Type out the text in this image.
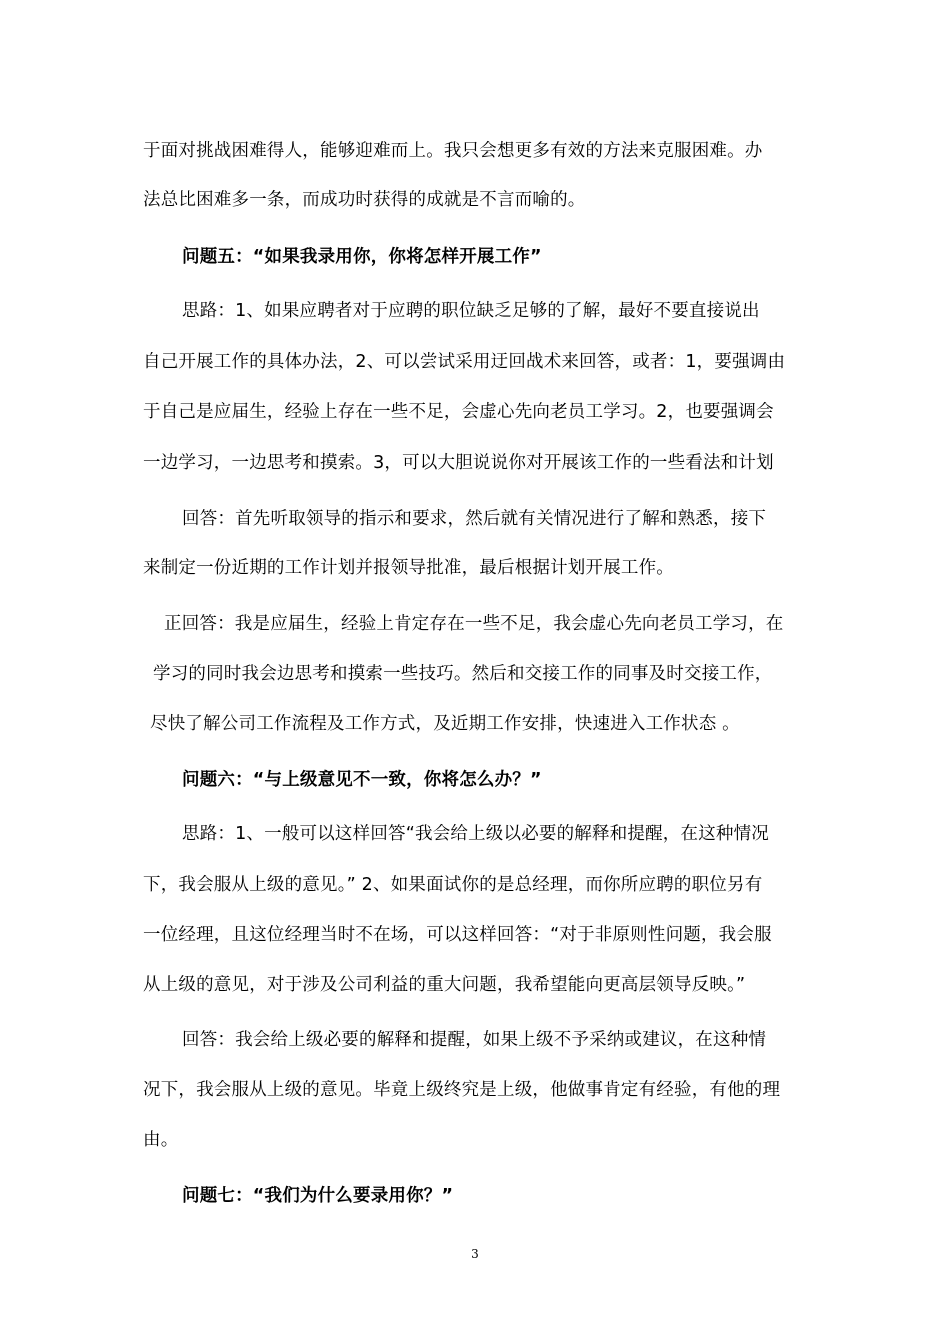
于面对挑战困难得人，能够迎难而上。我只会想更多有效的方法来克服困难。办
法总比困难多一条，而成功时获得的成就是不言而喻的。
问题五：“如果我录用你，你将怎样开展工作”
思路：1、如果应聘者对于应聘的职位缺乏足够的了解，最好不要直接说出
自己开展工作的具体办法，2、可以尝试采用迂回战术来回答，或者：1，要强调由
于自己是应届生，经验上存在一些不足，会虚心先向老员工学习。2，也要强调会
一边学习，一边思考和摸索。3，可以大胆说说你对开展该工作的一些看法和计划
回答：首先听取领导的指示和要求，然后就有关情况进行了解和熟悉，接下
来制定一份近期的工作计划并报领导批准，最后根据计划开展工作。
正回答：我是应届生，经验上肯定存在一些不足，我会虚心先向老员工学习，在
学习的同时我会边思考和摸索一些技巧。然后和交接工作的同事及时交接工作，
尽快了解公司工作流程及工作方式，及近期工作安排，快速进入工作状态 。
问题六：“与上级意见不一致，你将怎么办？”
思路：1、一般可以这样回答“我会给上级以必要的解释和提醒，在这种情况
下，我会服从上级的意见。” 2、如果面试你的是总经理，而你所应聘的职位另有
一位经理，且这位经理当时不在场，可以这样回答：“对于非原则性问题，我会服
从上级的意见，对于涉及公司利益的重大问题，我希望能向更高层领导反映。”
回答：我会给上级必要的解释和提醒，如果上级不予采纳或建议，在这种情
况下，我会服从上级的意见。毕竟上级终究是上级，他做事肯定有经验，有他的理
由。
问题七：“我们为什么要录用你？”
3
